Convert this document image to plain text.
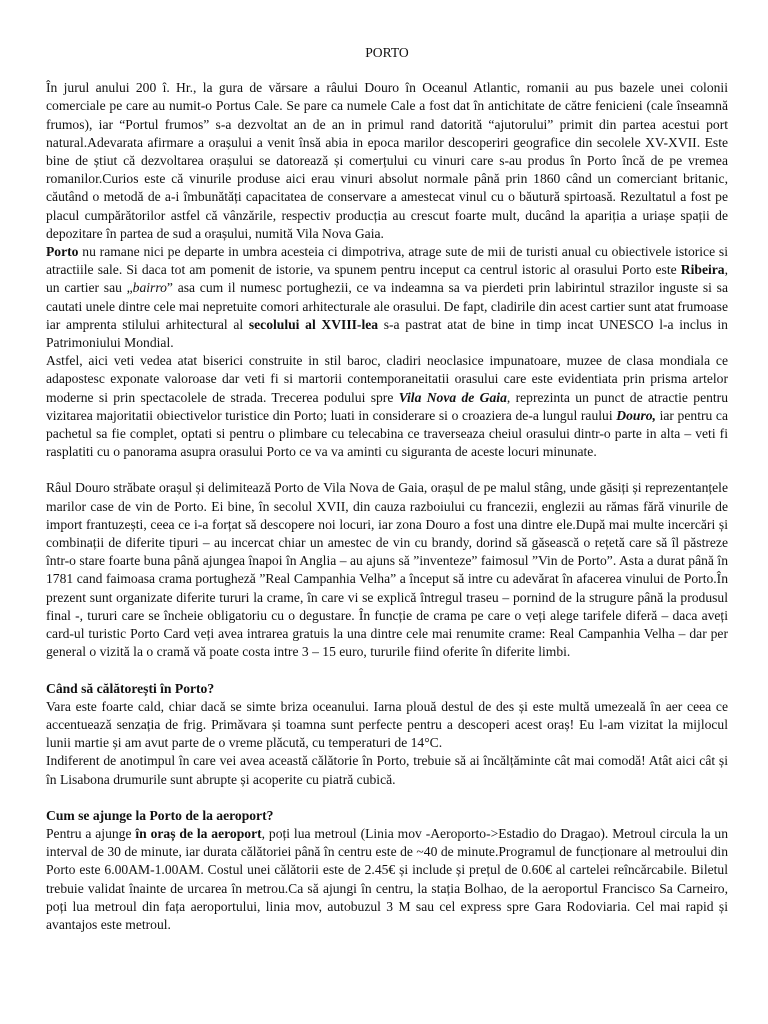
PORTO

În jurul anului 200 î. Hr., la gura de vărsare a râului Douro în Oceanul Atlantic, romanii au pus bazele unei colonii comerciale pe care au numit-o Portus Cale. Se pare ca numele Cale a fost dat în antichitate de către fenicieni (cale înseamnă frumos), iar “Portul frumos” s-a dezvoltat an de an in primul rand datorită “ajutorului” primit din partea acestui port natural.Adevarata afirmare a orașului a venit însă abia in epoca marilor descoperiri geografice din secolele XV-XVII. Este bine de știut că dezvoltarea orașului se datorează și comerțului cu vinuri care s-au produs în Porto încă de pe vremea romanilor.Curios este că vinurile produse aici erau vinuri absolut normale până prin 1860 când un comerciant britanic, căutând o metodă de a-i îmbunătăți capacitatea de conservare a amestecat vinul cu o băutură spirtoasă. Rezultatul a fost pe placul cumpărătorilor astfel că vânzările, respectiv producția au crescut foarte mult, ducând la apariția a uriașe spații de depozitare în partea de sud a orașului, numită Vila Nova Gaia.

Porto nu ramane nici pe departe in umbra acesteia ci dimpotriva, atrage sute de mii de turisti anual cu obiectivele istorice si atractiile sale. Si daca tot am pomenit de istorie, va spunem pentru inceput ca centrul istoric al orasului Porto este Ribeira, un cartier sau „bairro” asa cum il numesc portughezii, ce va indeamna sa va pierdeti prin labirintul strazilor inguste si sa cautati unele dintre cele mai nepretuite comori arhitecturale ale orasului. De fapt, cladirile din acest cartier sunt atat frumoase iar amprenta stilului arhitectural al secolului al XVIII-lea s-a pastrat atat de bine in timp incat UNESCO l-a inclus in Patrimoniului Mondial.

Astfel, aici veti vedea atat biserici construite in stil baroc, cladiri neoclasice impunatoare, muzee de clasa mondiala ce adapostesc exponate valoroase dar veti fi si martorii contemporaneitatii orasului care este evidentiata prin prisma artelor moderne si prin spectacolele de strada. Trecerea podului spre Vila Nova de Gaia, reprezinta un punct de atractie pentru vizitarea majoritatii obiectivelor turistice din Porto; luati in considerare si o croaziera de-a lungul raului Douro, iar pentru ca pachetul sa fie complet, optati si pentru o plimbare cu telecabina ce traverseaza cheiul orasului dintr-o parte in alta – veti fi rasplatiti cu o panorama asupra orasului Porto ce va va aminti cu siguranta de aceste locuri minunate.

Râul Douro străbate orașul și delimitează Porto de Vila Nova de Gaia, orașul de pe malul stâng, unde găsiți și reprezentanțele marilor case de vin de Porto. Ei bine, în secolul XVII, din cauza razboiului cu francezii, englezii au rămas fără vinurile de import frantuzești, ceea ce i-a forțat să descopere noi locuri, iar zona Douro a fost una dintre ele.După mai multe incercări și combinații de diferite tipuri – au incercat chiar un amestec de vin cu brandy, dorind să găsească o rețetă care să îl păstreze într-o stare foarte buna până ajungea înapoi în Anglia – au ajuns să ”inventeze” faimosul ”Vin de Porto”. Asta a durat până în 1781 cand faimoasa crama portugheză ”Real Campanhia Velha” a început să intre cu adevărat în afacerea vinului de Porto.În prezent sunt organizate diferite tururi la crame, în care vi se explică întregul traseu – pornind de la strugure până la produsul final -, tururi care se încheie obligatoriu cu o degustare. În funcție de crama pe care o veți alege tarifele diferă – daca aveți card-ul turistic Porto Card veți avea intrarea gratuis la una dintre cele mai renumite crame: Real Campanhia Velha – dar per general o vizită la o cramă vă poate costa intre 3 – 15 euro, tururile fiind oferite în diferite limbi.

Când să călătorești în Porto?

Vara este foarte cald, chiar dacă se simte briza oceanului. Iarna plouă destul de des și este multă umezeală în aer ceea ce accentuează senzația de frig. Primăvara și toamna sunt perfecte pentru a descoperi acest oraș! Eu l-am vizitat la mijlocul lunii martie și am avut parte de o vreme plăcută, cu temperaturi de 14°C.

Indiferent de anotimpul în care vei avea această călătorie în Porto, trebuie să ai încălțăminte cât mai comodă! Atât aici cât și în Lisabona drumurile sunt abrupte și acoperite cu piatră cubică.

Cum se ajunge la Porto de la aeroport?

Pentru a ajunge în oraș de la aeroport, poți lua metroul (Linia mov -Aeroporto->Estadio do Dragao). Metroul circula la un interval de 30 de minute, iar durata călătoriei până în centru este de ~40 de minute.Programul de funcționare al metroului din Porto este 6.00AM-1.00AM. Costul unei călătorii este de 2.45€ și include și prețul de 0.60€ al cartelei reîncărcabile. Biletul trebuie validat înainte de urcarea în metrou.Ca să ajungi în centru, la stația Bolhao, de la aeroportul Francisco Sa Carneiro, poți lua metroul din fața aeroportului, linia mov, autobuzul 3 M sau cel express spre Gara Rodoviaria. Cel mai rapid și avantajos este metroul.
